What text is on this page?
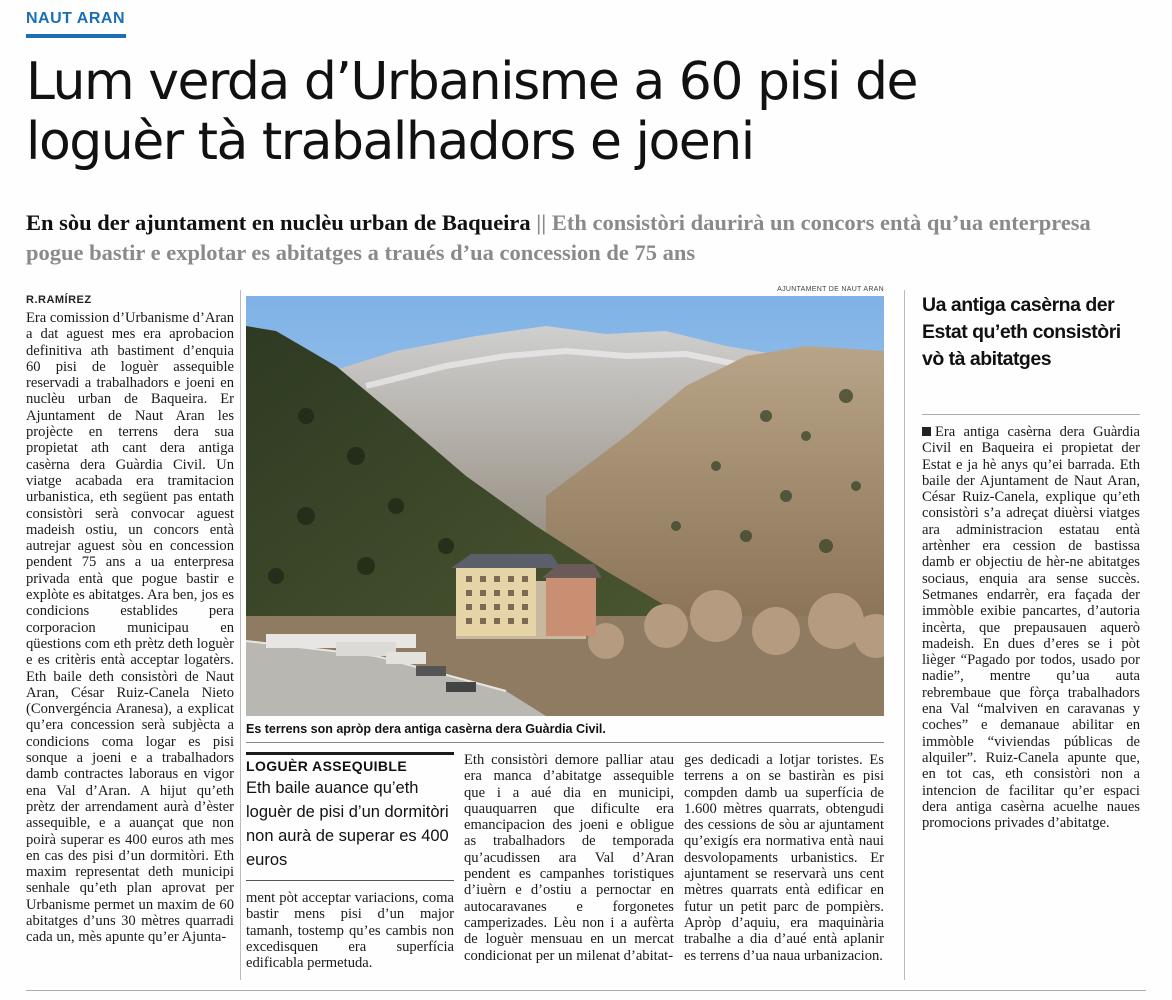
NAUT ARAN
Lum verda d’Urbanisme a 60 pisi de
loguèr tà trabalhadors e joeni

En sòu der ajuntament en nuclèu urban de Baqueira || Eth consistòri daurirà un concors entà qu’ua enterpresa pogue bastir e explotar es abitatges a traués d’ua concession de 75 ans

R.RAMÍREZ

Era comission d’Urbanisme d’Aran a dat aguest mes era aprobacion definitiva ath bastiment d’enquia 60 pisi de loguèr assequible reservadi a trabalhadors e joeni en nuclèu urban de Baqueira. Er Ajuntament de Naut Aran les projècte en terrens dera sua propietat ath cant dera antiga casèrna dera Guàrdia Civil. Un viatge acabada era tramitacion urbanistica, eth següent pas entath consistòri serà convocar aguest madeish ostiu, un concors entà autrejar aguest sòu en concession pendent 75 ans a ua enterpresa privada entà que pogue bastir e explòte es abitatges. Ara ben, jos es condicions establides pera corporacion municipau en qüestions com eth prètz deth loguèr e es critèris entà acceptar logatèrs. Eth baile deth consistòri de Naut Aran, César Ruiz-Canela Nieto (Convergéncia Aranesa), a explicat qu’era concession serà subjècta a condicions coma logar es pisi sonque a joeni e a trabalhadors damb contractes laboraus en vigor ena Val d’Aran. A hijut qu’eth prètz der arrendament aurà d’èster assequible, e a auançat que non poirà superar es 400 euros ath mes en cas des pisi d’un dormitòri. Eth maxim representat deth municipi senhale qu’eth plan aprovat per Urbanisme permet un maxim de 60 abitatges d’uns 30 mètres quarradi cada un, mès apunte qu’er Ajunta-

AJUNTAMENT DE NAUT ARAN
Es terrens son apròp dera antiga casèrna dera Guàrdia Civil.
LOGUÈR ASSEQUIBLE

Eth baile auance qu’eth loguèr de pisi d’un dormitòri non aurà de superar es 400 euros

ment pòt acceptar variacions, coma bastir mens pisi d’un major tamanh, tostemp qu’es cambis non excedisquen era superfícia edificabla permetuda.

Eth consistòri demore palliar atau era manca d’abitatge assequible que i a aué dia en municipi, quauquarren que dificulte era emancipacion des joeni e obligue as trabalhadors de temporada qu’acudissen ara Val d’Aran pendent es campanhes toristiques d’iuèrn e d’ostiu a pernoctar en autocaravanes e forgonetes camperizades. Lèu non i a aufèrta de loguèr mensuau en un mercat condicionat per un milenat d’abitat-

ges dedicadi a lotjar toristes. Es terrens a on se bastiràn es pisi compden damb ua superfícia de 1.600 mètres quarrats, obtengudi des cessions de sòu ar ajuntament qu’exigís era normativa entà naui desvolopaments urbanistics. Er ajuntament se reservarà uns cent mètres quarrats entà edificar en futur un petit parc de pompièrs. Apròp d’aquiu, era maquinària trabalhe a dia d’aué entà aplanir es terrens d’ua naua urbanizacion.

Ua antiga casèrna der Estat qu’eth consistòri vò tà abitatges

Era antiga casèrna dera Guàrdia Civil en Baqueira ei propietat der Estat e ja hè anys qu’ei barrada. Eth baile der Ajuntament de Naut Aran, César Ruiz-Canela, explique qu’eth consistòri s’a adreçat diuèrsi viatges ara administracion estatau entà artènher era cession de bastissa damb er objectiu de hèr-ne abitatges sociaus, enquia ara sense succès. Setmanes endarrèr, era façada der immòble exibie pancartes, d’autoria incèrta, que prepausauen aquerò madeish. En dues d’eres se i pòt lièger “Pagado por todos, usado por nadie”, mentre qu’ua auta rebrembaue que fòrça trabalhadors ena Val “malviven en caravanas y coches” e demanaue abilitar en immòble “viviendas públicas de alquiler”. Ruiz-Canela apunte que, en tot cas, eth consistòri non a intencion de facilitar qu’er espaci dera antiga casèrna acuelhe naues promocions privades d’abitatge.
